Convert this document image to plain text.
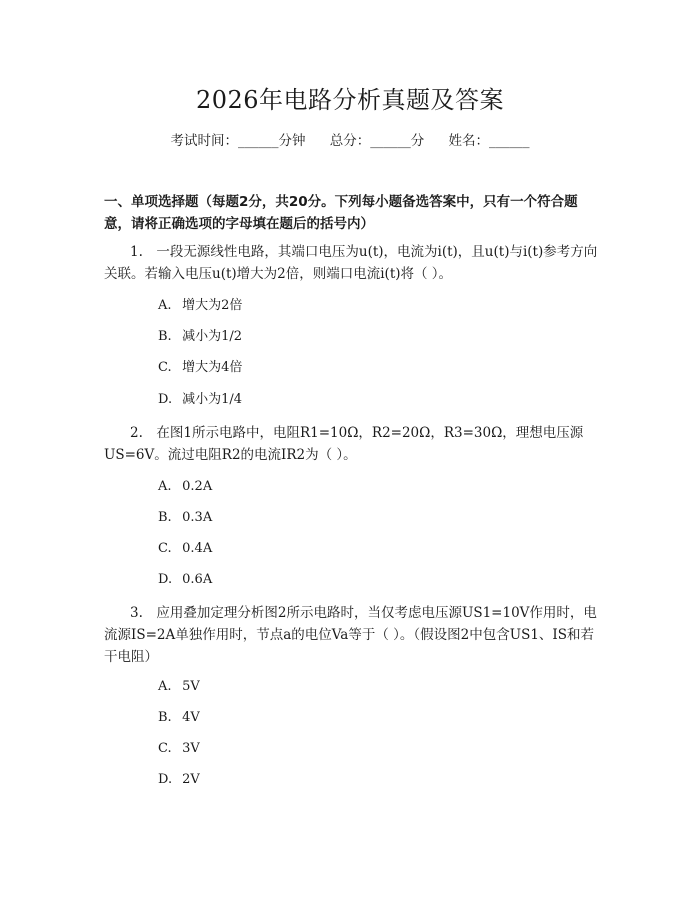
2026年电路分析真题及答案
考试时间：______分钟 总分：______分 姓名：______
一、单项选择题（每题2分，共20分。下列每小题备选答案中，只有一个符合题意，请将正确选项的字母填在题后的括号内）
1.　一段无源线性电路，其端口电压为u(t)，电流为i(t)，且u(t)与i(t)参考方向关联。若输入电压u(t)增大为2倍，则端口电流i(t)将（ ）。
A. 增大为2倍
B. 减小为1/2
C. 增大为4倍
D. 减小为1/4
2.　在图1所示电路中，电阻R1=10Ω，R2=20Ω，R3=30Ω，理想电压源US=6V。流过电阻R2的电流IR2为（ ）。
A. 0.2A
B. 0.3A
C. 0.4A
D. 0.6A
3.　应用叠加定理分析图2所示电路时，当仅考虑电压源US1=10V作用时，电流源IS=2A单独作用时，节点a的电位Va等于（ ）。（假设图2中包含US1、IS和若干电阻）
A. 5V
B. 4V
C. 3V
D. 2V
